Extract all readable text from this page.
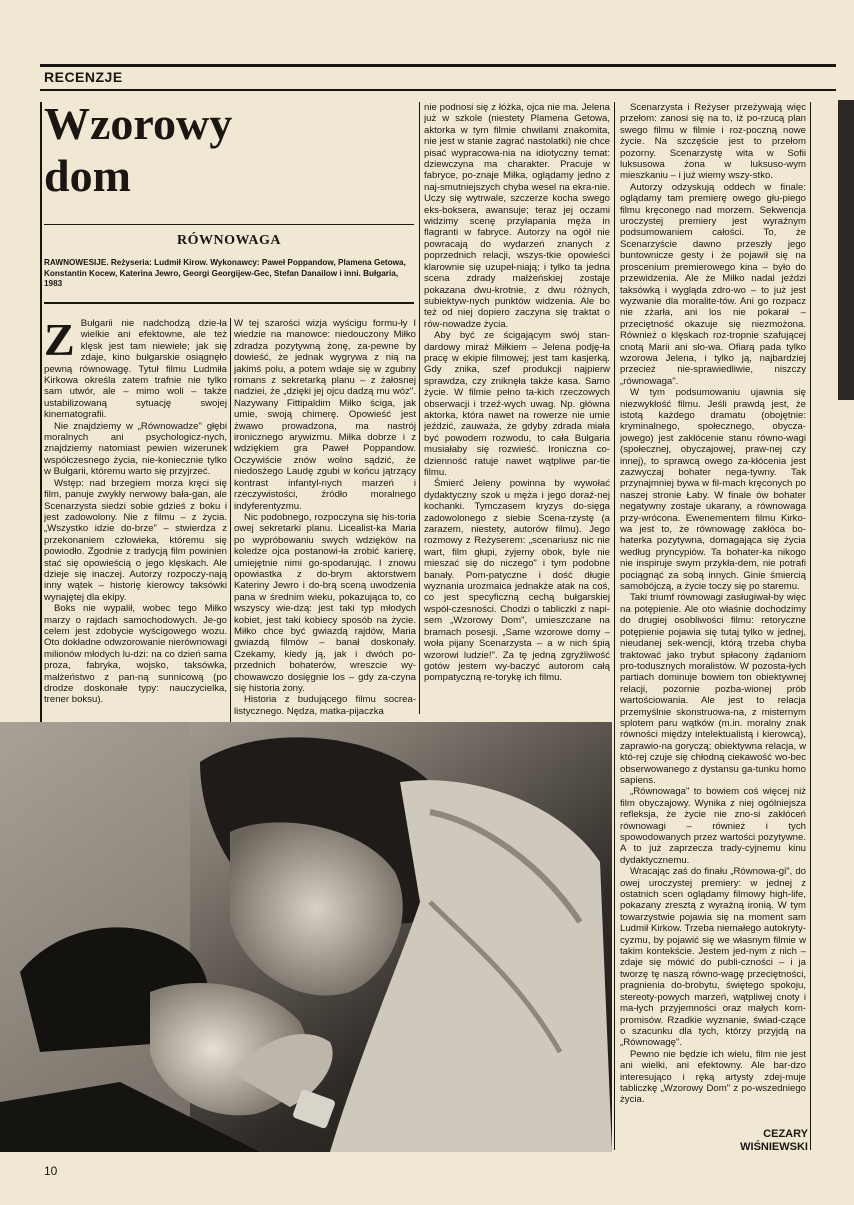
RECENZJE
Wzorowy
dom
RÓWNOWAGA
RAWNOWESIJE. Reżyseria: Ludmił Kirow. Wykonawcy: Paweł Poppandow, Plamena Getowa, Konstantin Kocew, Katerina Jewro, Georgi Georgijew-Gec, Stefan Danailow i inni. Bułgaria, 1983
Z Bułgarii nie nadchodzą dzie-ła wielkie ani efektowne, ale też klęsk jest tam niewiele; jak się zdaje, kino bułgarskie osiągnęło pewną równowagę. Tytuł filmu Ludmiła Kirkowa określa zatem trafnie nie tylko sam utwór, ale – mimo woli – także ustabilizowaną sytuację swojej kinematografii.

Nie znajdziemy w „Równowadze" głębi moralnych ani psychologicz-nych, znajdziemy natomiast pewien wizerunek współczesnego życia, nie-koniecznie tylko w Bułgarii, któremu warto się przyjrzeć.

Wstęp: nad brzegiem morza kręci się film, panuje zwykły nerwowy bała-gan, ale Scenarzysta siedzi sobie gdzieś z boku i jest zadowolony. Nie z filmu – z życia. „Wszystko idzie do-brze" – stwierdza z przekonaniem człowieka, któremu się powiodło. Zgodnie z tradycją film powinien stać się opowieścią o jego klęskach. Ale dzieje się inaczej. Autorzy rozpoczy-nają inny wątek – historię kierowcy taksówki wynajętej dla ekipy.

Boks nie wypalił, wobec tego Miłko marzy o rajdach samochodowych. Je-go celem jest zdobycie wyścigowego wozu. Oto dokładne odwzorowanie nierównowagi milionów młodych lu-dzi: na co dzień sama proza, fabryka, wojsko, taksówka, małżeństwo z pan-ną sunnicową (po drodze doskonałe typy: nauczycielka, trener boksu).

W tej szarości wizja wyścigu formu-ły I wiedzie na manowce: niedouczony Miłko zdradza pozytywną żonę, za-pewne by dowieść, że jednak wygrywa z nią na jakimś polu, a potem wdaje się w zgubny romans z sekretarką planu – z żałosnej nadziei, że „dzięki jej ojcu dadzą mu wóz". Nazywany Fittipaldim Miłko ściga, jak umie, swoją chimerę. Opowieść jest żwawo prowadzona, ma nastrój ironicznego arywizmu. Miłka dobrze i z wdziękiem gra Paweł Poppandow. Oczywiście znów wolno sądzić, że niedosżego Laudę zgubi w końcu jątrzący kontrast infantyl-nych marzeń i rzeczywistości, źródło moralnego indyferentyzmu.

Nic podobnego, rozpoczyna się his-toria owej sekretarki planu. Licealist-ka Maria po wypróbowaniu swych wdzięków na koledze ojca postanowi-ła zrobić karierę, umiejętnie nimi go-spodarując. I znowu opowiastka z do-brym aktorstwem Kateriny Jewro i do-brą sceną uwodzenia pana w średnim wieku, pokazująca to, co wszyscy wie-dzą: jest taki typ młodych kobiet, jest taki kobiecy sposób na życie. Miłko chce być gwiazdą rajdów, Maria gwiazdą filmów – banał doskonały. Czekamy, kiedy ją, jak i dwóch po-przednich bohaterów, wreszcie wy-chowawczo dosięgnie los – gdy za-czyna się historia żony.

Historia z budującego filmu socrea-listycznego. Nędza, matka-pijaczka

nie podnosi się z łóżka, ojca nie ma. Jelena już w szkole (niestety Plamena Getowa, aktorka w tym filmie chwilami znakomita, nie jest w stanie zagrać nastolatki) nie chce pisać wypracowa-nia na idiotyczny temat: dziewczyna ma charakter. Pracuje w fabryce, po-znaje Miłka, oglądamy jedno z naj-smutniejszych chyba wesel na ekra-nie. Uczy się wytrwale, szczerze kocha swego eks-boksera, awansuje; teraz jej oczami widzimy scenę przyłapania męża in flagranti w fabryce. Autorzy na ogół nie powracają do wydarzeń znanych z poprzednich relacji, wszys-tkie opowieści klarownie się uzupeł-niają; i tylko ta jedna scena zdrady małżeńskiej zostaje pokazana dwu-krotnie, z dwu różnych, subiektyw-nych punktów widzenia. Ale bo też od niej dopiero zaczyna się traktat o rów-nowadze życia.

Aby być ze ścigającym swój stan-dardowy miraż Miłkiem – Jelena podję-ła pracę w ekipie filmowej; jest tam kasjerką. Gdy znika, szef produkcji najpierw sprawdza, czy zniknęła także kasa. Samo życie. W filmie pełno ta-kich rzeczowych obserwacji i trzeź-wych uwag. Np. główna aktorka, która nawet na rowerze nie umie jeździć, zauważa, że gdyby zdrada miała być powodem rozwodu, to cała Bułgaria musiałaby się rozwieść. Ironiczna co-dzienność ratuje nawet wątpliwe par-tie filmu.

Śmierć Jeleny powinna by wywołać dydaktyczny szok u męża i jego doraź-nej kochanki. Tymczasem kryzys do-sięga zadowolonego z siebie Scena-rzystę (a zarazem, niestety, autorów filmu). Jego rozmowy z Reżyserem: „scenariusz nic nie wart, film głupi, żyjemy obok, byle nie mieszać się do niczego" i tym podobne banały. Pom-patyczne i dość długie wyznania urozmaica jednakże atak na coś, co jest specyficzną cechą bułgarskiej współ-czesności. Chodzi o tabliczki z napi-sem „Wzorowy Dom", umieszczane na bramach posesji. „Same wzorowe domy – woła pijany Scenarzysta – a w nich śpią wzorowi ludzie!". Za tę jedną zgryźliwość gotów jestem wy-baczyć autorom całą pompatyczną re-torykę ich filmu.

Scenarzysta i Reżyser przeżywają więc przełom: zanosi się na to, iż po-rzucą plan swego filmu w filmie i roz-poczną nowe życie. Na szczęście jest to przełom pozorny. Scenarzystę wita w Sofii luksusowa żona w luksuso-wym mieszkaniu – i już wiemy wszy-stko.

Autorzy odzyskują oddech w finale: oglądamy tam premierę owego głu-piego filmu kręconego nad morzem. Sekwencja uroczystej premiery jest wyraźnym podsumowaniem całości. To, że Scenarzyście dawno przeszły jego buntownicze gesty i że pojawił się na proscenium premierowego kina – było do przewidzenia. Ale że Miłko nadal jeździ taksówką i wygląda zdro-wo – to już jest wyzwanie dla moralite-tów. Ani go rozpacz nie zżarła, ani los nie pokarał – przeciętność okazuje się niezmożona. Również o klęskach roz-tropnie szafującej cnotą Marii ani sło-wa. Ofiarą pada tylko wzorowa Jelena, i tylko ją, najbardziej przecież nie-sprawiedliwie, niszczy „równowaga".

W tym podsumowaniu ujawnia się niezwykłość filmu. Jeśli prawdą jest, że istotą każdego dramatu (obojętnie: kryminalnego, społecznego, obycza-jowego) jest zakłócenie stanu równo-wagi (społecznej, obyczajowej, praw-nej czy innej), to sprawcą owego za-kłócenia jest zazwyczaj bohater nega-tywny. Tak przynajmniej bywa w fil-mach kręconych po naszej stronie Łaby. W finale ów bohater negatywny zostaje ukarany, a równowaga przy-wrócona. Ewenementem filmu Kirko-wa jest to, że równowagę zakłóca bo-haterka pozytywna, domagająca się życia według pryncypiów. Ta bohater-ka nikogo nie inspiruje swym przykła-dem, nie potrafi pociągnąć za sobą innych. Ginie śmiercią samobójczą, a życie toczy się po staremu.

Taki triumf równowagi zasługiwał-by więc na potępienie. Ale oto właśnie dochodzimy do drugiej osobliwości filmu: retoryczne potępienie pojawia się tutaj tylko w jednej, nieudanej sek-wencji, którą trzeba chyba traktować jako trybut spłacony żądaniom pro-todusznych moralistów. W pozosta-łych partiach dominuje bowiem ton obiektywnej relacji, pozornie pozba-wionej prób wartościowania. Ale jest to relacja przemyślnie skonstruowa-na, z misternym splotem paru wątków (m.in. moralny znak równości między intelektualistą i kierowcą), zaprawio-na goryczą; obiektywna relacja, w któ-rej czuje się chłodną ciekawość wo-bec obserwowanego z dystansu ga-tunku homo sapiens.

„Równowaga" to bowiem coś więcej niż film obyczajowy. Wynika z niej ogólniejsza refleksja, że życie nie zno-si zakłóceń równowagi – również i tych spowodowanych przez wartości pozytywne. A to już zaprzecza trady-cyjnemu kinu dydaktycznemu.

Wracając zaś do finału „Równowa-gi", do owej uroczystej premiery: w jednej z ostatnich scen oglądamy filmowy high-life, pokazany zresztą z wyraźną ironią. W tym towarzystwie pojawia się na moment sam Ludmił Kirkow. Trzeba niemałego autokryty-cyzmu, by pojawić się we własnym filmie w takim kontekście. Jestem jed-nym z nich – zdaje się mówić do publi-czności – i ja tworzę tę naszą równo-wagę przeciętności, pragnienia do-brobytu, świętego spokoju, stereoty-powych marzeń, wątpliwej cnoty i ma-łych przyjemności oraz małych kom-promisów. Rzadkie wyznanie, świad-czące o szacunku dla tych, którzy przyjdą na „Równowagę".

Pewno nie będzie ich wielu, film nie jest ani wielki, ani efektowny. Ale bar-dzo interesująco i ręką artysty zdej-muje tabliczkę „Wzorowy Dom" z po-wszedniego życia.

CEZARY
WIŚNIEWSKI
10
